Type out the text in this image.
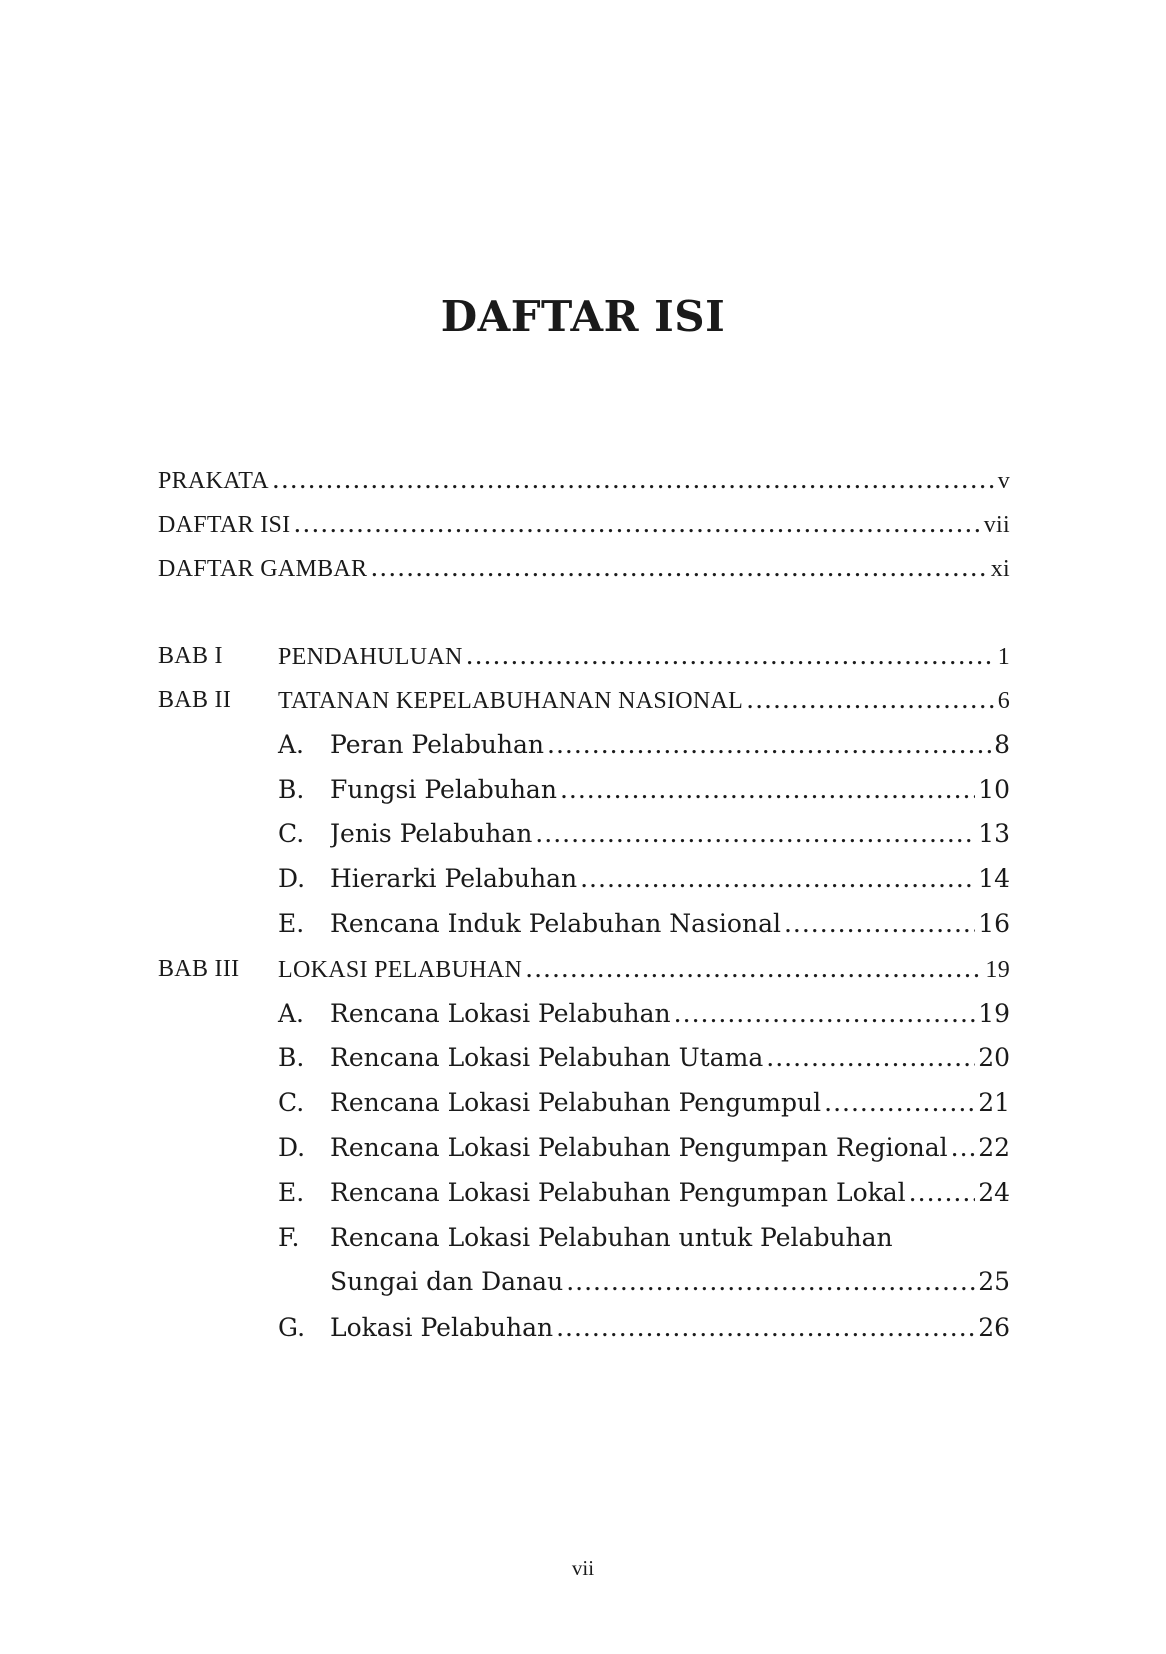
DAFTAR ISI
PRAKATA .....	v
DAFTAR ISI .....	vii
DAFTAR GAMBAR .....	xi
BAB I	PENDAHULUAN .....	1
BAB II	TATANAN KEPELABUHANAN NASIONAL .....	6
A.	Peran Pelabuhan .....	8
B.	Fungsi Pelabuhan .....	10
C.	Jenis Pelabuhan .....	13
D. Hierarki Pelabuhan .....	14
E.	Rencana Induk Pelabuhan Nasional .....	16
BAB III	LOKASI PELABUHAN .....	19
A.	Rencana Lokasi Pelabuhan .....	19
B.	Rencana Lokasi Pelabuhan Utama .....	20
C.	Rencana Lokasi Pelabuhan Pengumpul .....	21
D. Rencana Lokasi Pelabuhan Pengumpan Regional ..... 22
E.	Rencana Lokasi Pelabuhan Pengumpan Lokal .....	24
F.	Rencana Lokasi Pelabuhan untuk Pelabuhan
Sungai dan Danau .....	25
G. Lokasi Pelabuhan .....	26
vii
